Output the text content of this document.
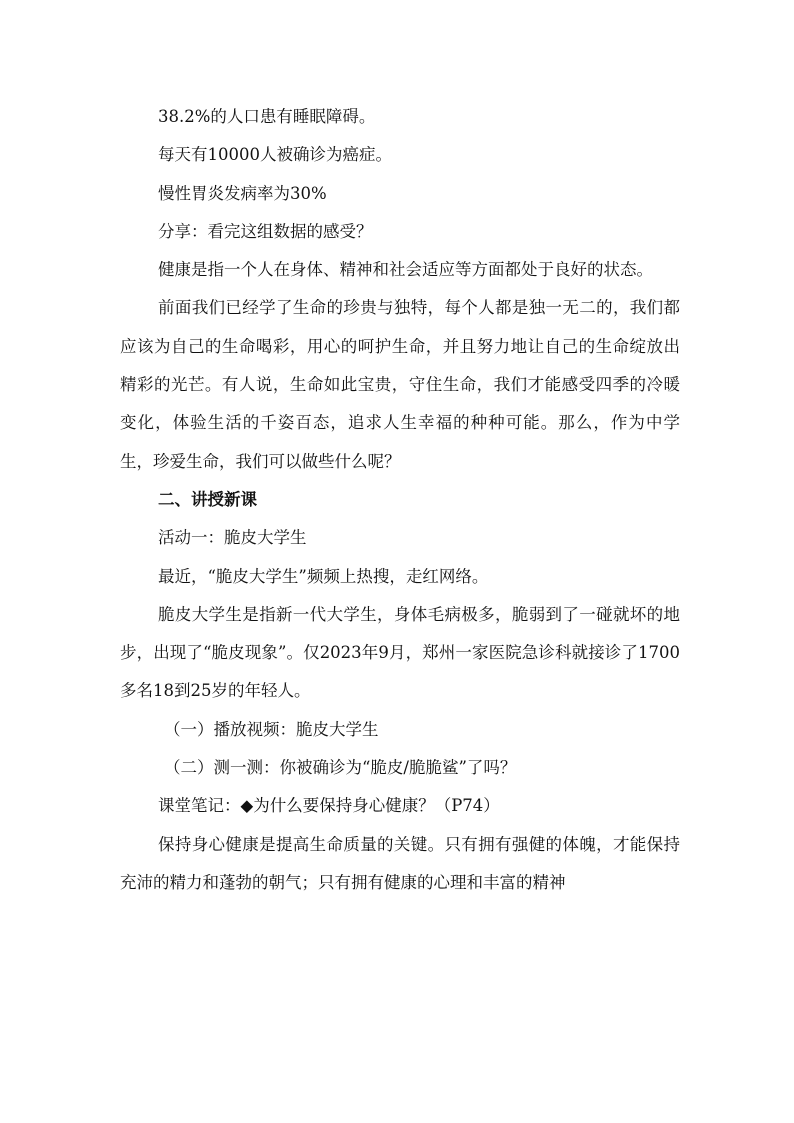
38.2%的人口患有睡眠障碍。

每天有10000人被确诊为癌症。

慢性胃炎发病率为30%

分享：看完这组数据的感受？

健康是指一个人在身体、精神和社会适应等方面都处于良好的状态。

前面我们已经学了生命的珍贵与独特，每个人都是独一无二的，我们都应该为自己的生命喝彩，用心的呵护生命，并且努力地让自己的生命绽放出精彩的光芒。有人说，生命如此宝贵，守住生命，我们才能感受四季的冷暖变化，体验生活的千姿百态，追求人生幸福的种种可能。那么，作为中学生，珍爱生命，我们可以做些什么呢？

二、讲授新课

活动一：脆皮大学生

最近，“脆皮大学生”频频上热搜，走红网络。

脆皮大学生是指新一代大学生，身体毛病极多，脆弱到了一碰就坏的地步，出现了“脆皮现象”。仅2023年9月，郑州一家医院急诊科就接诊了1700多名18到25岁的年轻人。

（一）播放视频：脆皮大学生

（二）测一测：你被确诊为“脆皮/脆脆鲨”了吗？

课堂笔记：◆为什么要保持身心健康？（P74）

保持身心健康是提高生命质量的关键。只有拥有强健的体魄，才能保持充沛的精力和蓬勃的朝气；只有拥有健康的心理和丰富的精神
